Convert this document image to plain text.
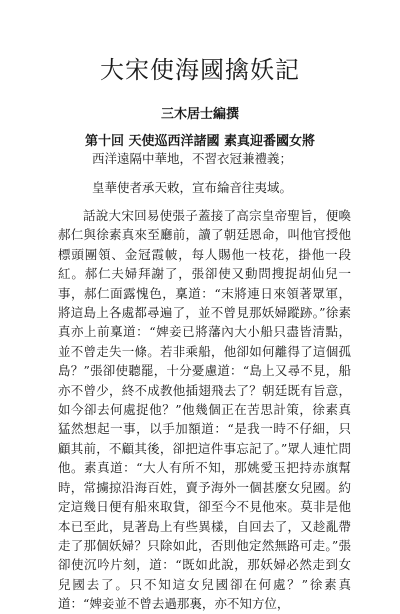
大宋使海國擒妖記
三木居士編撰
第十回 天使巡西洋諸國 素真迎番國女將
西洋遠隔中華地，不習衣冠兼禮義；
皇華使者承天敕，宣布綸音往夷域。

話說大宋回易使張子蓋接了高宗皇帝聖旨，便喚郝仁與徐素真來至廳前，讀了朝廷恩命，叫他官授他標頭團領、金冠霞帔，每人賜他一枝花，掛他一段紅。郝仁夫婦拜謝了，張卻使又動問搜捉胡仙兒一事，郝仁面露愧色，稟道：“末將連日來領著眾軍，將這島上各處都尋遍了，並不曾見那妖婦蹤跡。”徐素真亦上前稟道：“婢妾已將藩內大小船只盡皆清點，並不曾走失一條。若非乘船，他卻如何離得了這個孤島？”張卻使聽罷，十分憂慮道：“島上又尋不見，船亦不曾少，終不成教他插翅飛去了？朝廷既有旨意，如今卻去何處捉他？”他幾個正在苦思計策，徐素真猛然想起一事，以手加額道：“是我一時不仔細，只顧其前，不顧其後，卻把這件事忘記了。”眾人連忙問他。素真道：“大人有所不知，那姚愛玉把持赤旗幫時，常擄掠沿海百姓，賣予海外一個甚麼女兒國。約定這幾日便有船來取貨，卻至今不見他來。莫非是他本已至此，見著島上有些異樣，自回去了，又趁亂帶走了那個妖婦？只除如此，否則他定然無路可走。”張卻使沉吟片刻，道：“既如此說，那妖婦必然走到女兒國去了。只不知這女兒國卻在何處？”徐素真道：“婢妾並不曾去過那裏，亦不知方位，
